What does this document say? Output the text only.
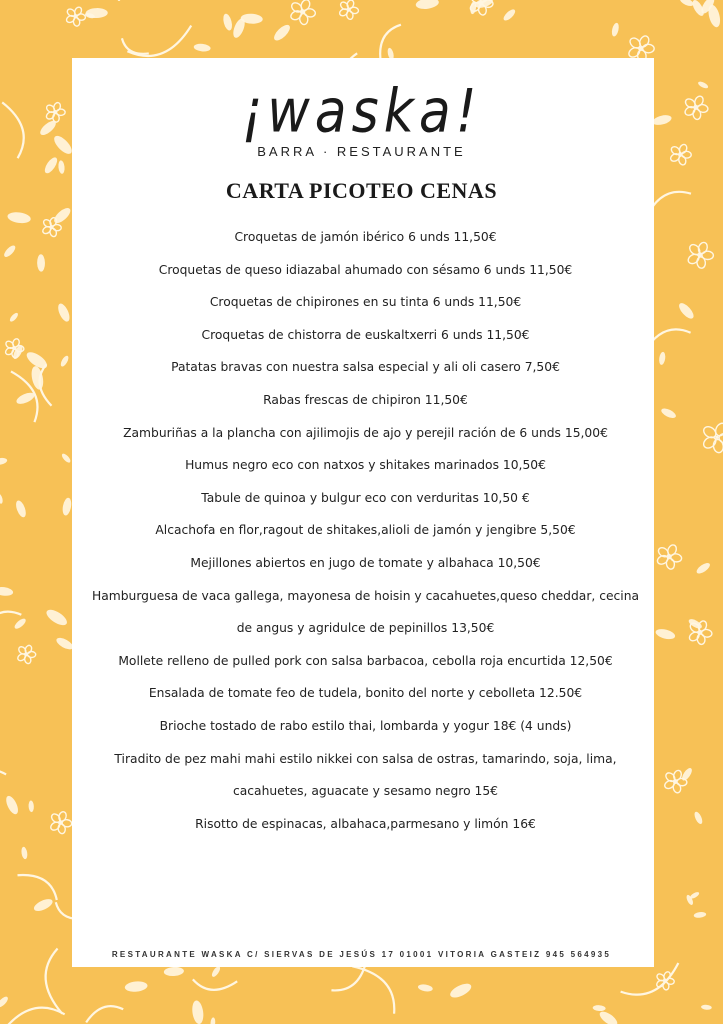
¡waska!
BARRA · RESTAURANTE
CARTA PICOTEO CENAS
Croquetas de jamón ibérico 6 unds 11,50€
Croquetas de queso idiazabal ahumado con sésamo 6 unds 11,50€
Croquetas de chipirones en su tinta 6 unds 11,50€
Croquetas de chistorra de euskaltxerri 6 unds 11,50€
Patatas bravas con nuestra salsa especial y ali oli casero 7,50€
Rabas frescas de chipiron 11,50€
Zamburiñas a la plancha con ajilimojis de ajo y perejil ración de 6 unds 15,00€
Humus negro eco con natxos y shitakes marinados 10,50€
Tabule de quinoa y bulgur eco con verduritas 10,50 €
Alcachofa en flor,ragout de shitakes,alioli de jamón y jengibre 5,50€
Mejillones abiertos en jugo de tomate y albahaca 10,50€
Hamburguesa de vaca gallega, mayonesa de hoisin y cacahuetes,queso cheddar, cecina
de angus y agridulce de pepinillos 13,50€
Mollete relleno de pulled pork con salsa barbacoa, cebolla roja encurtida 12,50€
Ensalada de tomate feo de tudela, bonito del norte y cebolleta 12.50€
Brioche tostado de rabo estilo thai, lombarda y yogur 18€ (4 unds)
Tiradito de pez mahi mahi estilo nikkei con salsa de ostras, tamarindo, soja, lima,
cacahuetes, aguacate y sesamo negro 15€
Risotto de espinacas, albahaca,parmesano y limón 16€
RESTAURANTE WASKA C/ SIERVAS DE JESÚS 17 01001 VITORIA GASTEIZ 945 564935
